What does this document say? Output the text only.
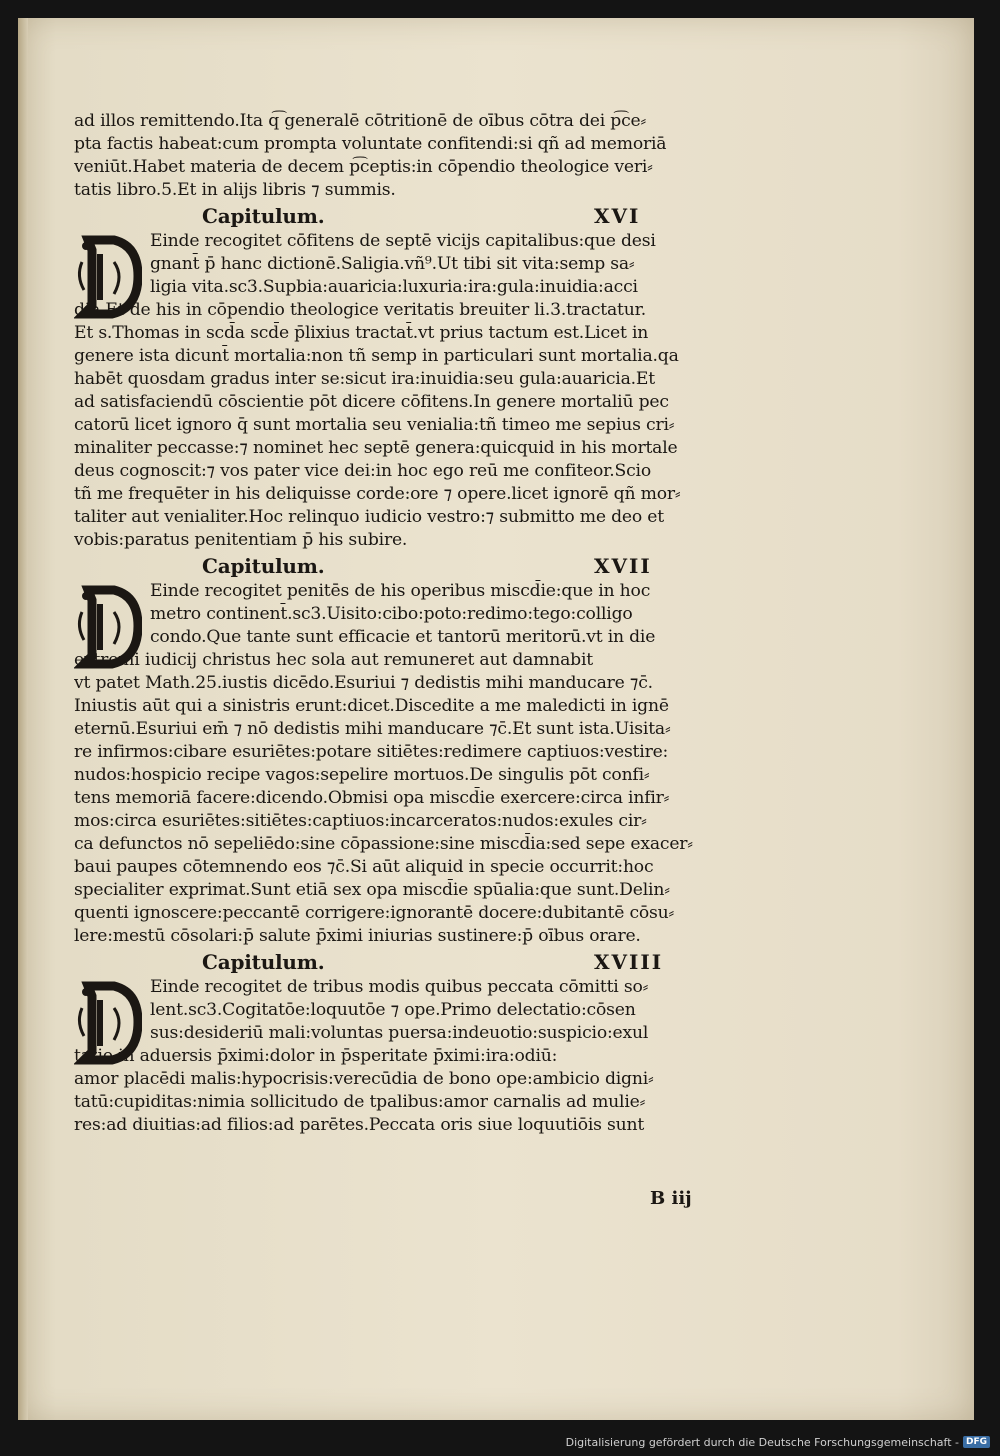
ad illos remittendo.Ita q͡ generalē cōtritionē de oībus cōtra dei p͡ce⸗
pta factis habeat:cum prompta voluntate confitendi:si qñ ad memoriā
veniūt.Habet materia de decem p͡ceptis:in cōpendio theologice veri⸗
tatis libro.5.Et in alijs libris ⁊ summis.
Capitulum.	XVI
Einde recogitet cōfitens de septē vicijs capitalibus:que desi
gnant̄ p̄ hanc dictionē.Saligia.vñ⁹.Ut tibi sit vita:semp sa⸗
ligia vita.sc3.Supbia:auaricia:luxuria:ira:gula:inuidia:acci
dia.Et de his in cōpendio theologice veritatis breuiter li.3.tractatur.
Et s.Thomas in scd̄a scd̄e p̄lixius tractat̄.vt prius tactum est.Licet in
genere ista dicunt̄ mortalia:non tñ semp in particulari sunt mortalia.qa
habēt quosdam gradus inter se:sicut ira:inuidia:seu gula:auaricia.Et
ad satisfaciendū cōscientie pōt dicere cōfitens.In genere mortaliū pec
catorū licet ignoro q̄ sunt mortalia seu venialia:tñ timeo me sepius cri⸗
minaliter peccasse:⁊ nominet hec septē genera:quicquid in his mortale
deus cognoscit:⁊ vos pater vice dei:in hoc ego reū me confiteor.Scio
tñ me frequēter in his deliquisse corde:ore ⁊ opere.licet ignorē qñ mor⸗
taliter aut venialiter.Hoc relinquo iudicio vestro:⁊ submitto me deo et
vobis:paratus penitentiam p̄ his subire.
Capitulum.	XVII
Einde recogitet penitēs de his operibus miscd̄ie:que in hoc
metro continent̄.sc3.Uisito:cibo:poto:redimo:tego:colligo
condo.Que tante sunt efficacie et tantorū meritorū.vt in die
extremi iudicij christus hec sola aut remuneret aut damnabit
vt patet Math.25.iustis dicēdo.Esuriui ⁊ dedistis mihi manducare ⁊c̄.
Iniustis aūt qui a sinistris erunt:dicet.Discedite a me maledicti in ignē
eternū.Esuriui em̄ ⁊ nō dedistis mihi manducare ⁊c̄.Et sunt ista.Uisita⸗
re infirmos:cibare esuriētes:potare sitiētes:redimere captiuos:vestire:
nudos:hospicio recipe vagos:sepelire mortuos.De singulis pōt confi⸗
tens memoriā facere:dicendo.Obmisi opa miscd̄ie exercere:circa infir⸗
mos:circa esuriētes:sitiētes:captiuos:incarceratos:nudos:exules cir⸗
ca defunctos nō sepeliēdo:sine cōpassione:sine miscd̄ia:sed sepe exacer⸗
baui paupes cōtemnendo eos ⁊c̄.Si aūt aliquid in specie occurrit:hoc
specialiter exprimat.Sunt etiā sex opa miscd̄ie spūalia:que sunt.Delin⸗
quenti ignoscere:peccantē corrigere:ignorantē docere:dubitantē cōsu⸗
lere:mestū cōsolari:p̄ salute p̄ximi iniurias sustinere:p̄ oībus orare.
Capitulum.	XVIII
Einde recogitet de tribus modis quibus peccata cōmitti so⸗
lent.sc3.Cogitatōe:loquutōe ⁊ ope.Primo delectatio:cōsen
sus:desideriū mali:voluntas puersa:indeuotio:suspicio:exul
tatio in aduersis p̄ximi:dolor in p̄speritate p̄ximi:ira:odiū:
amor placēdi malis:hypocrisis:verecūdia de bono ope:ambicio digni⸗
tatū:cupiditas:nimia sollicitudo de tpalibus:amor carnalis ad mulie⸗
res:ad diuitias:ad filios:ad parētes.Peccata oris siue loquutiōis sunt
B iij
Digitalisierung gefördert durch die Deutsche Forschungsgemeinschaft - DFG
